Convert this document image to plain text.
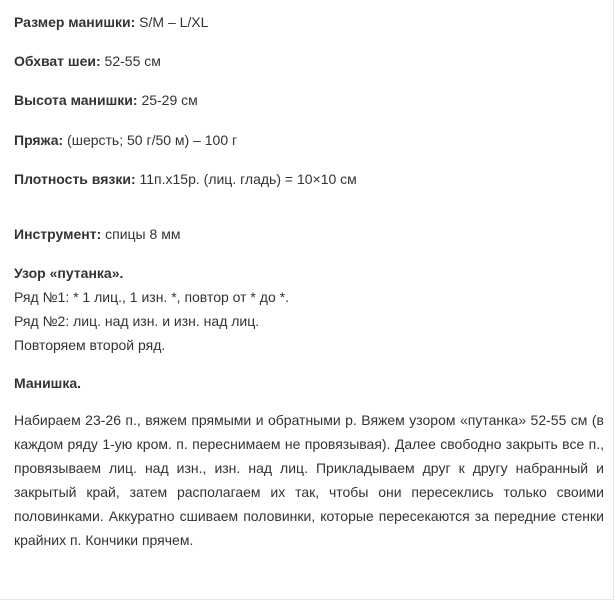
Размер манишки: S/M – L/XL

Обхват шеи: 52-55 см

Высота манишки: 25-29 см

Пряжа: (шерсть; 50 г/50 м) – 100 г

Плотность вязки: 11п.х15р. (лиц. гладь) = 10×10 см

Инструмент: спицы 8 мм

Узор «путанка».

Ряд №1: * 1 лиц., 1 изн. *, повтор от * до *.

Ряд №2: лиц. над изн. и изн. над лиц.

Повторяем второй ряд.

Манишка.

Набираем 23-26 п., вяжем прямыми и обратными р. Вяжем узором «путанка» 52-55 см (в каждом ряду 1-ую кром. п. переснимаем не провязывая). Далее свободно закрыть все п., провязываем лиц. над изн., изн. над лиц. Прикладываем друг к другу набранный и закрытый край, затем располагаем их так, чтобы они пересеклись только своими половинками. Аккуратно сшиваем половинки, которые пересекаются за передние стенки крайних п. Кончики прячем.
